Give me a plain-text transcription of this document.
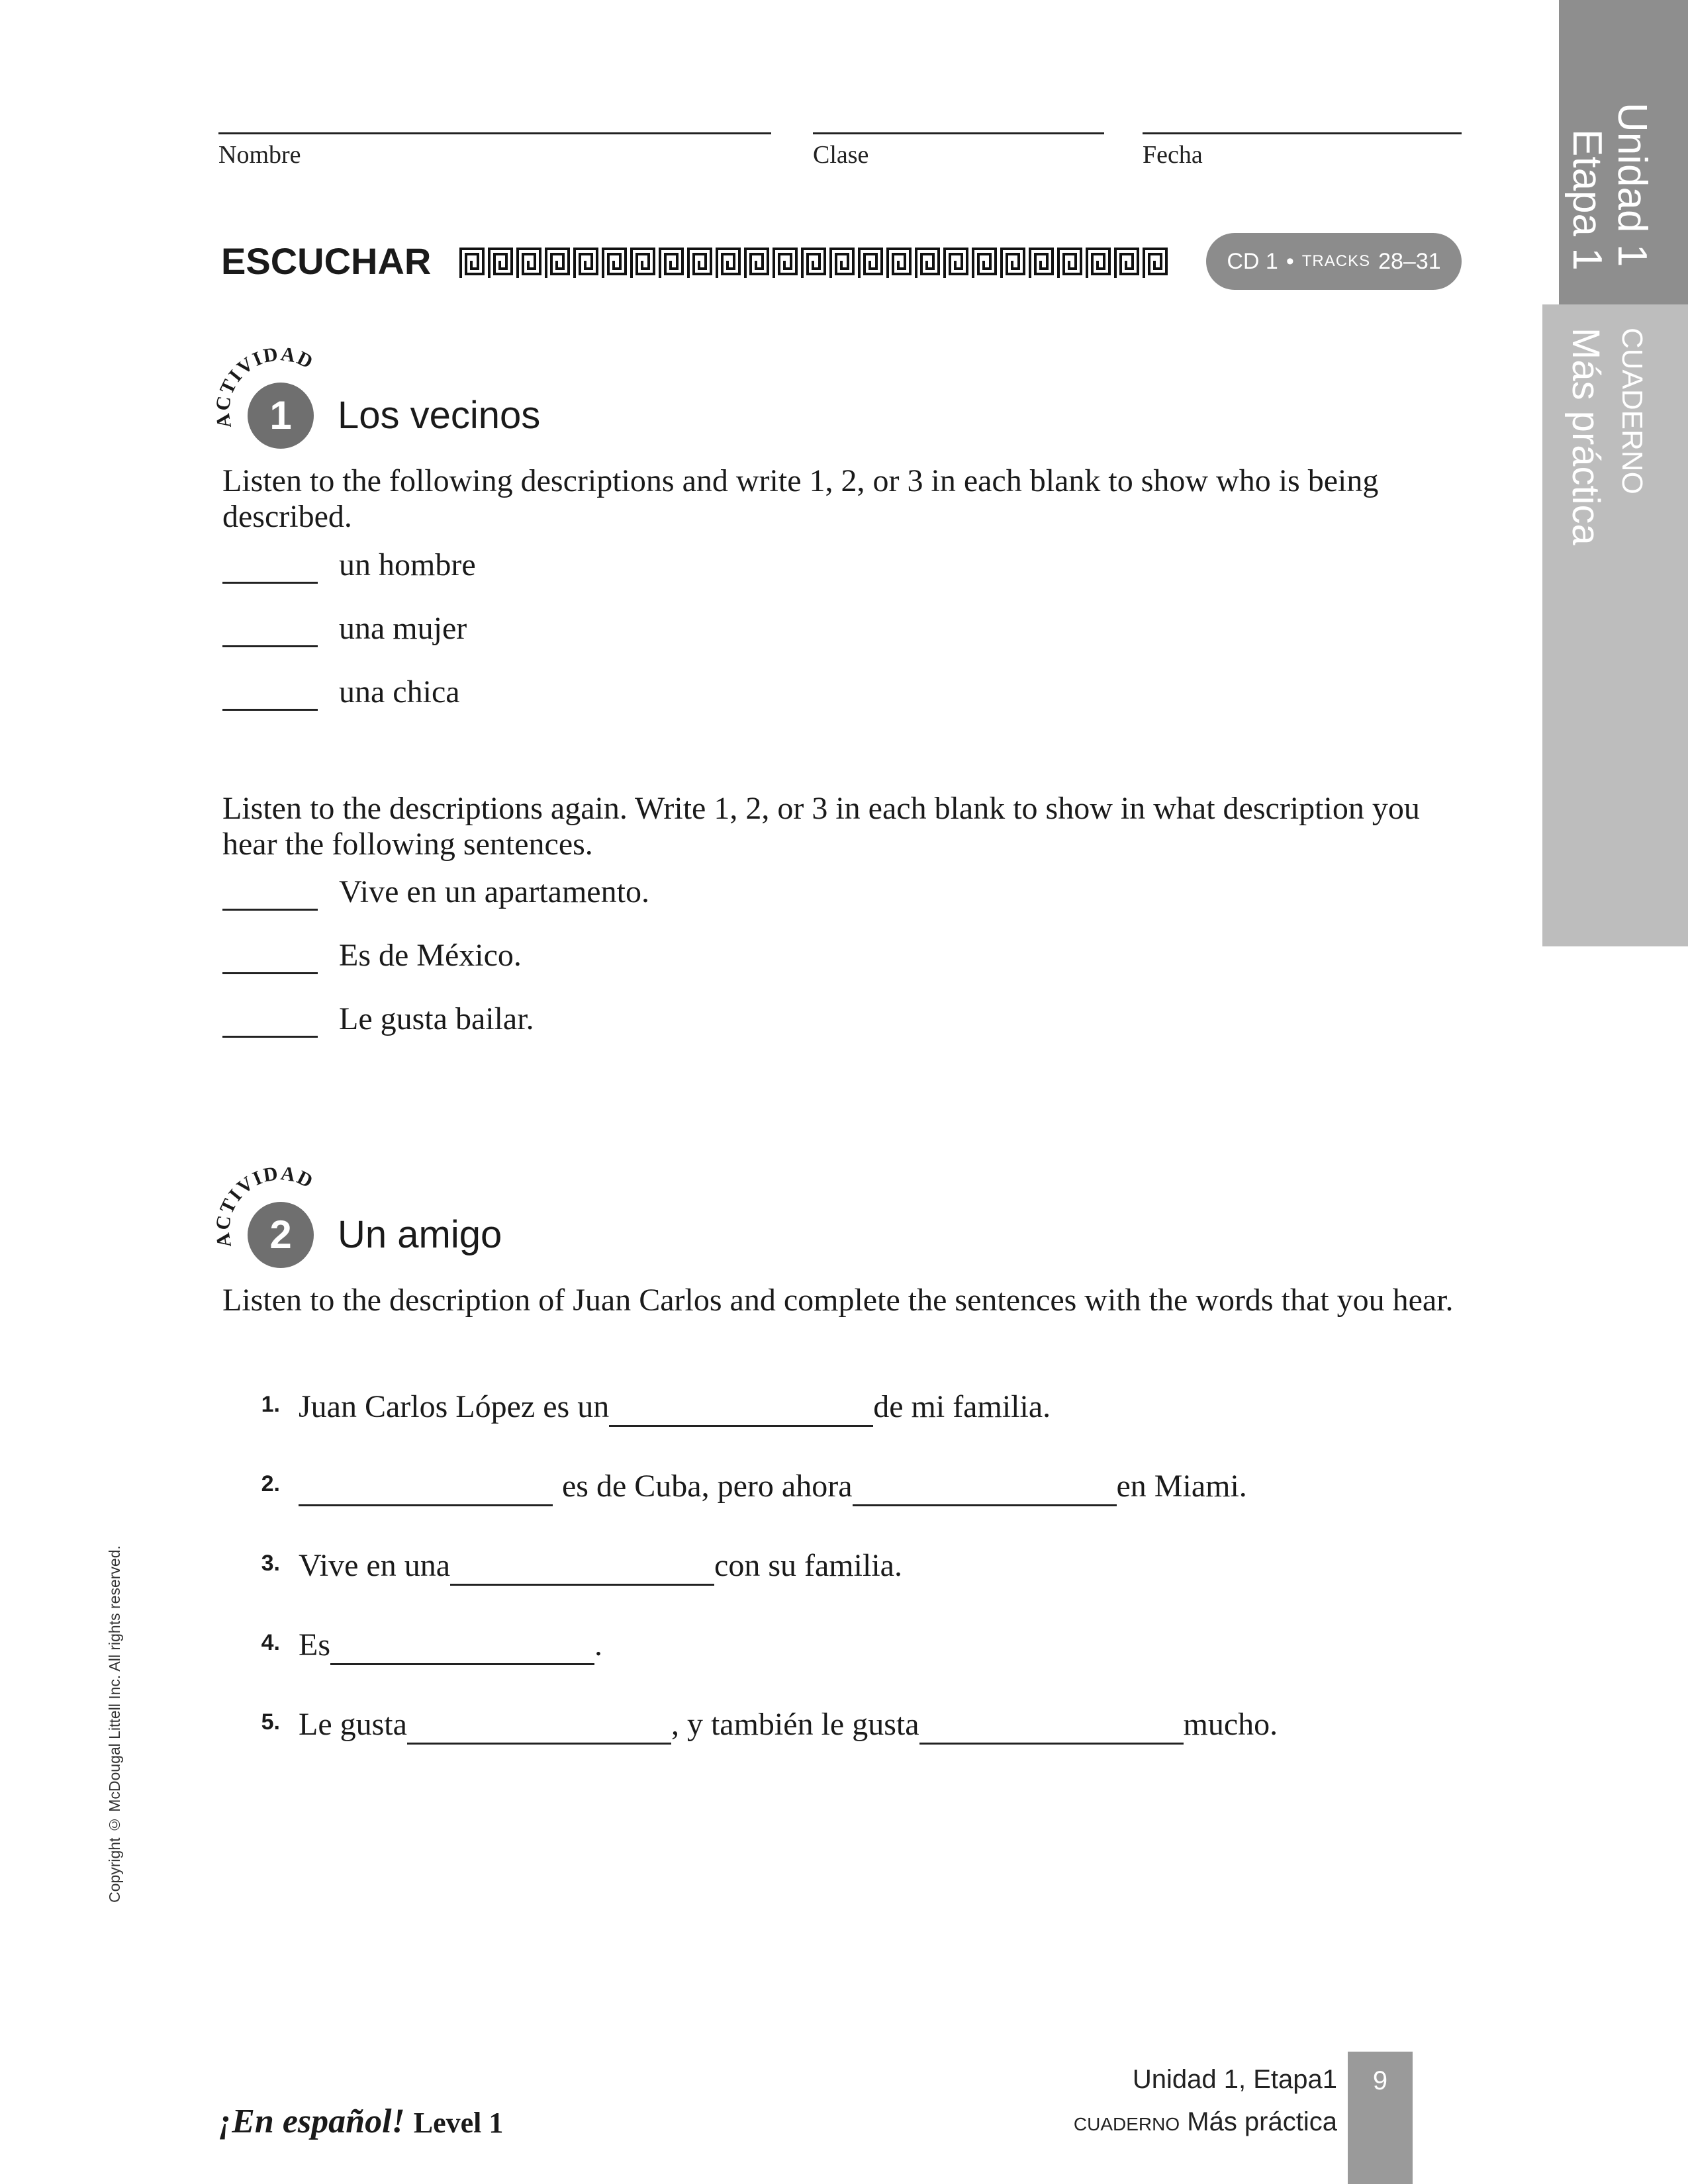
Nombre	Clase	Fecha	Unidad 1
Etapa 1
CUADERNO
Más práctica
ESCUCHAR	CD 1 • TRACKS 28–31
ACTIVIDAD
1 Los vecinos
Listen to the following descriptions and write 1, 2, or 3 in each blank to show who is being described.
un hombre
una mujer
una chica
Listen to the descriptions again. Write 1, 2, or 3 in each blank to show in what description you hear the following sentences.
Vive en un apartamento.
Es de México.
Le gusta bailar.
ACTIVIDAD
2 Un amigo
Listen to the description of Juan Carlos and complete the sentences with the words that you hear.
1. Juan Carlos López es un	de mi familia.
2.	es de Cuba, pero ahora	en Miami.
3. Vive en una	con su familia.
4. Es	.
5. Le gusta	, y también le gusta	mucho.
Copyright © McDougal Littell Inc. All rights reserved.
¡En español! Level 1
Unidad 1, Etapa1
CUADERNO Más práctica
9
